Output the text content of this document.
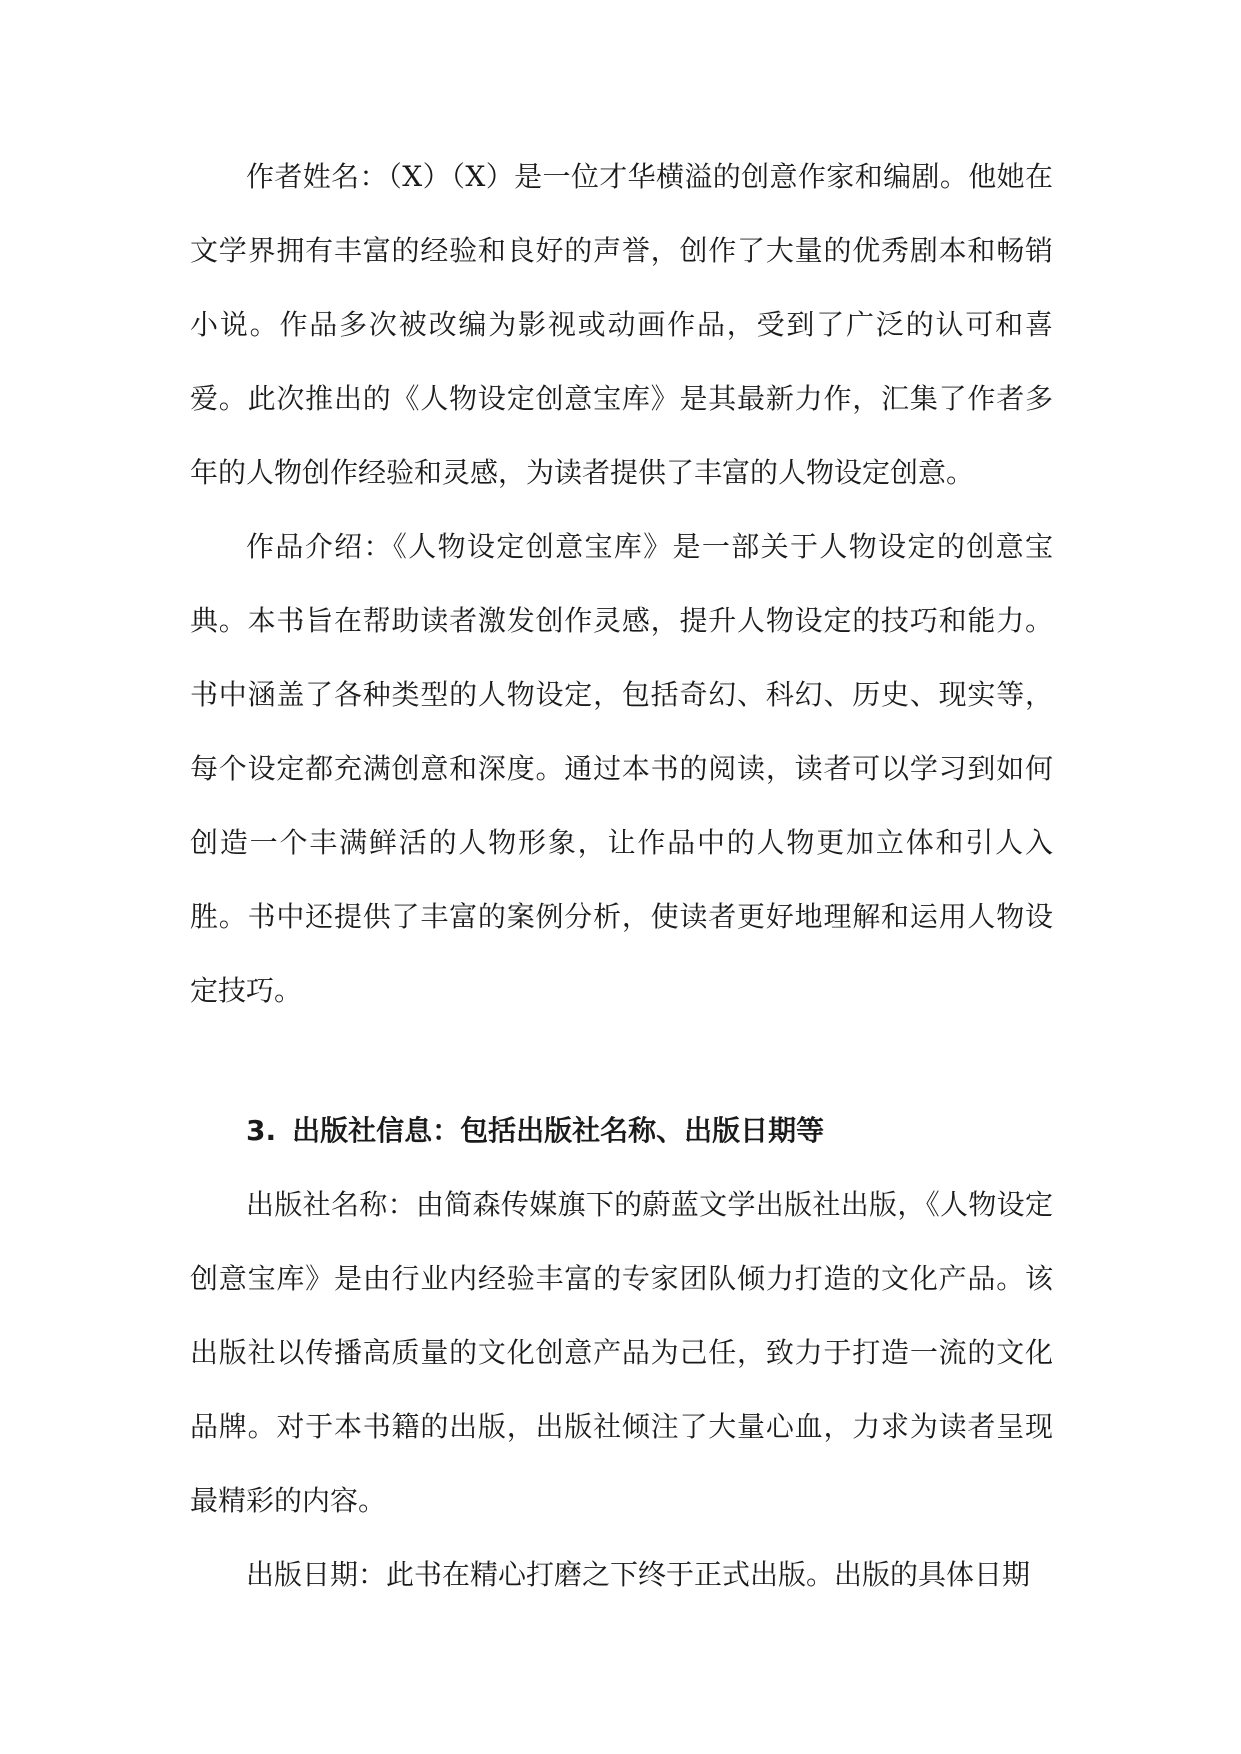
作者姓名：（X）（X）是一位才华横溢的创意作家和编剧。他她在文学界拥有丰富的经验和良好的声誉，创作了大量的优秀剧本和畅销小说。作品多次被改编为影视或动画作品，受到了广泛的认可和喜爱。此次推出的《人物设定创意宝库》是其最新力作，汇集了作者多年的人物创作经验和灵感，为读者提供了丰富的人物设定创意。

作品介绍：《人物设定创意宝库》是一部关于人物设定的创意宝典。本书旨在帮助读者激发创作灵感，提升人物设定的技巧和能力。书中涵盖了各种类型的人物设定，包括奇幻、科幻、历史、现实等，每个设定都充满创意和深度。通过本书的阅读，读者可以学习到如何创造一个丰满鲜活的人物形象，让作品中的人物更加立体和引人入胜。书中还提供了丰富的案例分析，使读者更好地理解和运用人物设定技巧。

3. 出版社信息：包括出版社名称、出版日期等

出版社名称：由简森传媒旗下的蔚蓝文学出版社出版，《人物设定创意宝库》是由行业内经验丰富的专家团队倾力打造的文化产品。该出版社以传播高质量的文化创意产品为己任，致力于打造一流的文化品牌。对于本书籍的出版，出版社倾注了大量心血，力求为读者呈现最精彩的内容。

出版日期：此书在精心打磨之下终于正式出版。出版的具体日期
